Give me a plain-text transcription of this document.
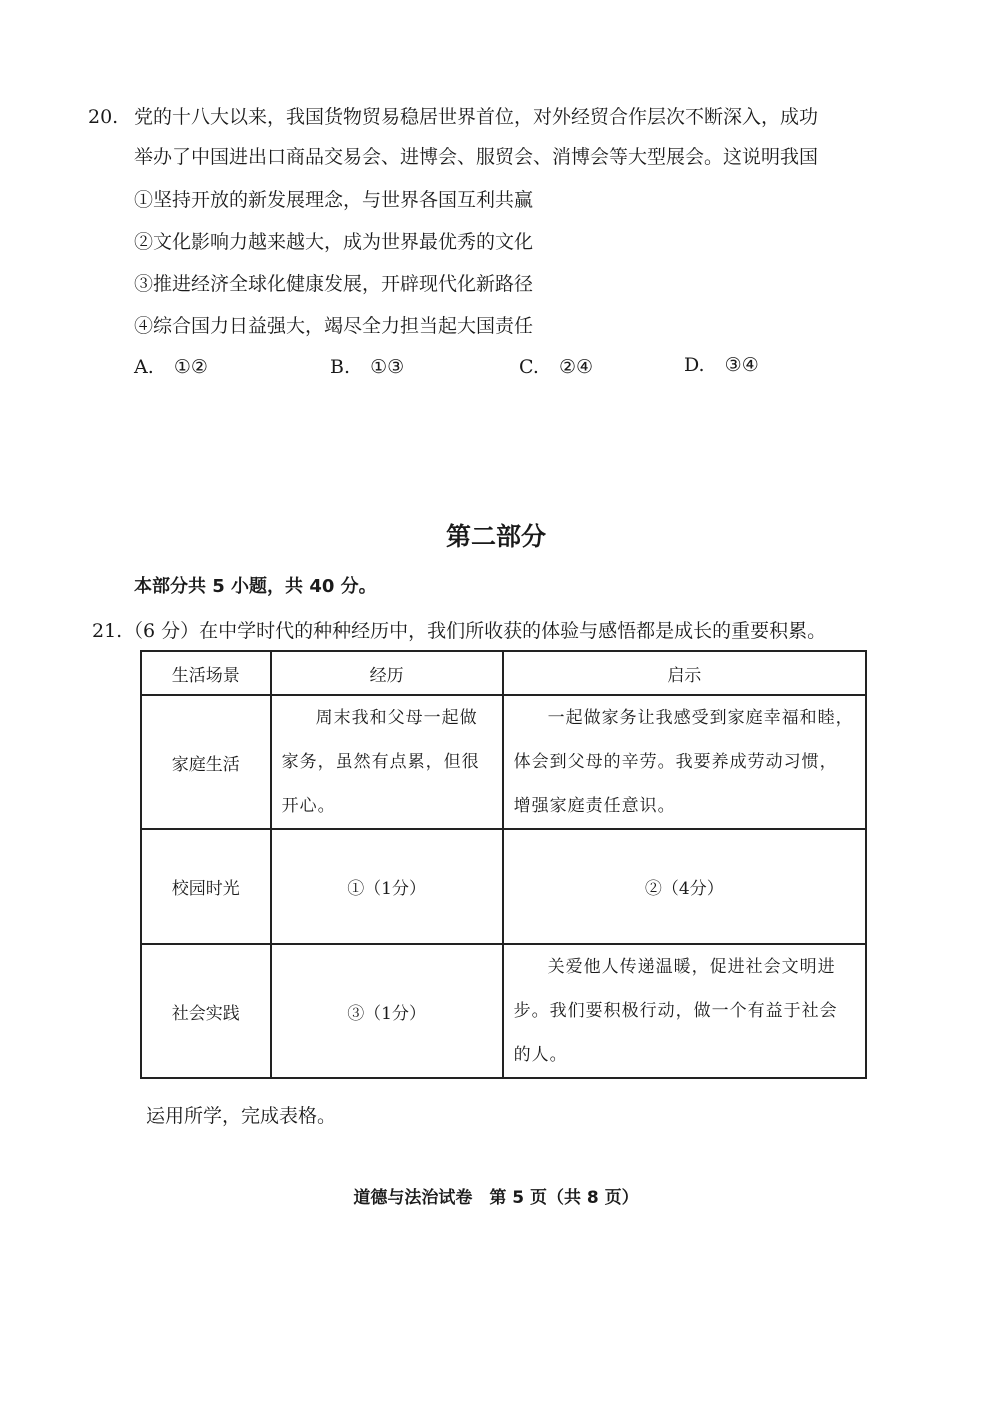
20. 党的十八大以来，我国货物贸易稳居世界首位，对外经贸合作层次不断深入，成功
举办了中国进出口商品交易会、进博会、服贸会、消博会等大型展会。这说明我国
①坚持开放的新发展理念，与世界各国互利共赢
②文化影响力越来越大，成为世界最优秀的文化
③推进经济全球化健康发展，开辟现代化新路径
④综合国力日益强大，竭尽全力担当起大国责任
A. ①②	B. ①③	C. ②④	D. ③④
第二部分
本部分共 5 小题，共 40 分。
21. （6 分）在中学时代的种种经历中，我们所收获的体验与感悟都是成长的重要积累。
生活场景	经历	启示
家庭生活	周末我和父母一起做家务，虽然有点累，但很开心。	一起做家务让我感受到家庭幸福和睦，体会到父母的辛劳。我要养成劳动习惯，增强家庭责任意识。

校园时光	①（1分）	②（4分）
社会实践	③（1分）	关爱他人传递温暖，促进社会文明进步。我们要积极行动，做一个有益于社会的人。
运用所学，完成表格。
道德与法治试卷　第 5 页（共 8 页）
